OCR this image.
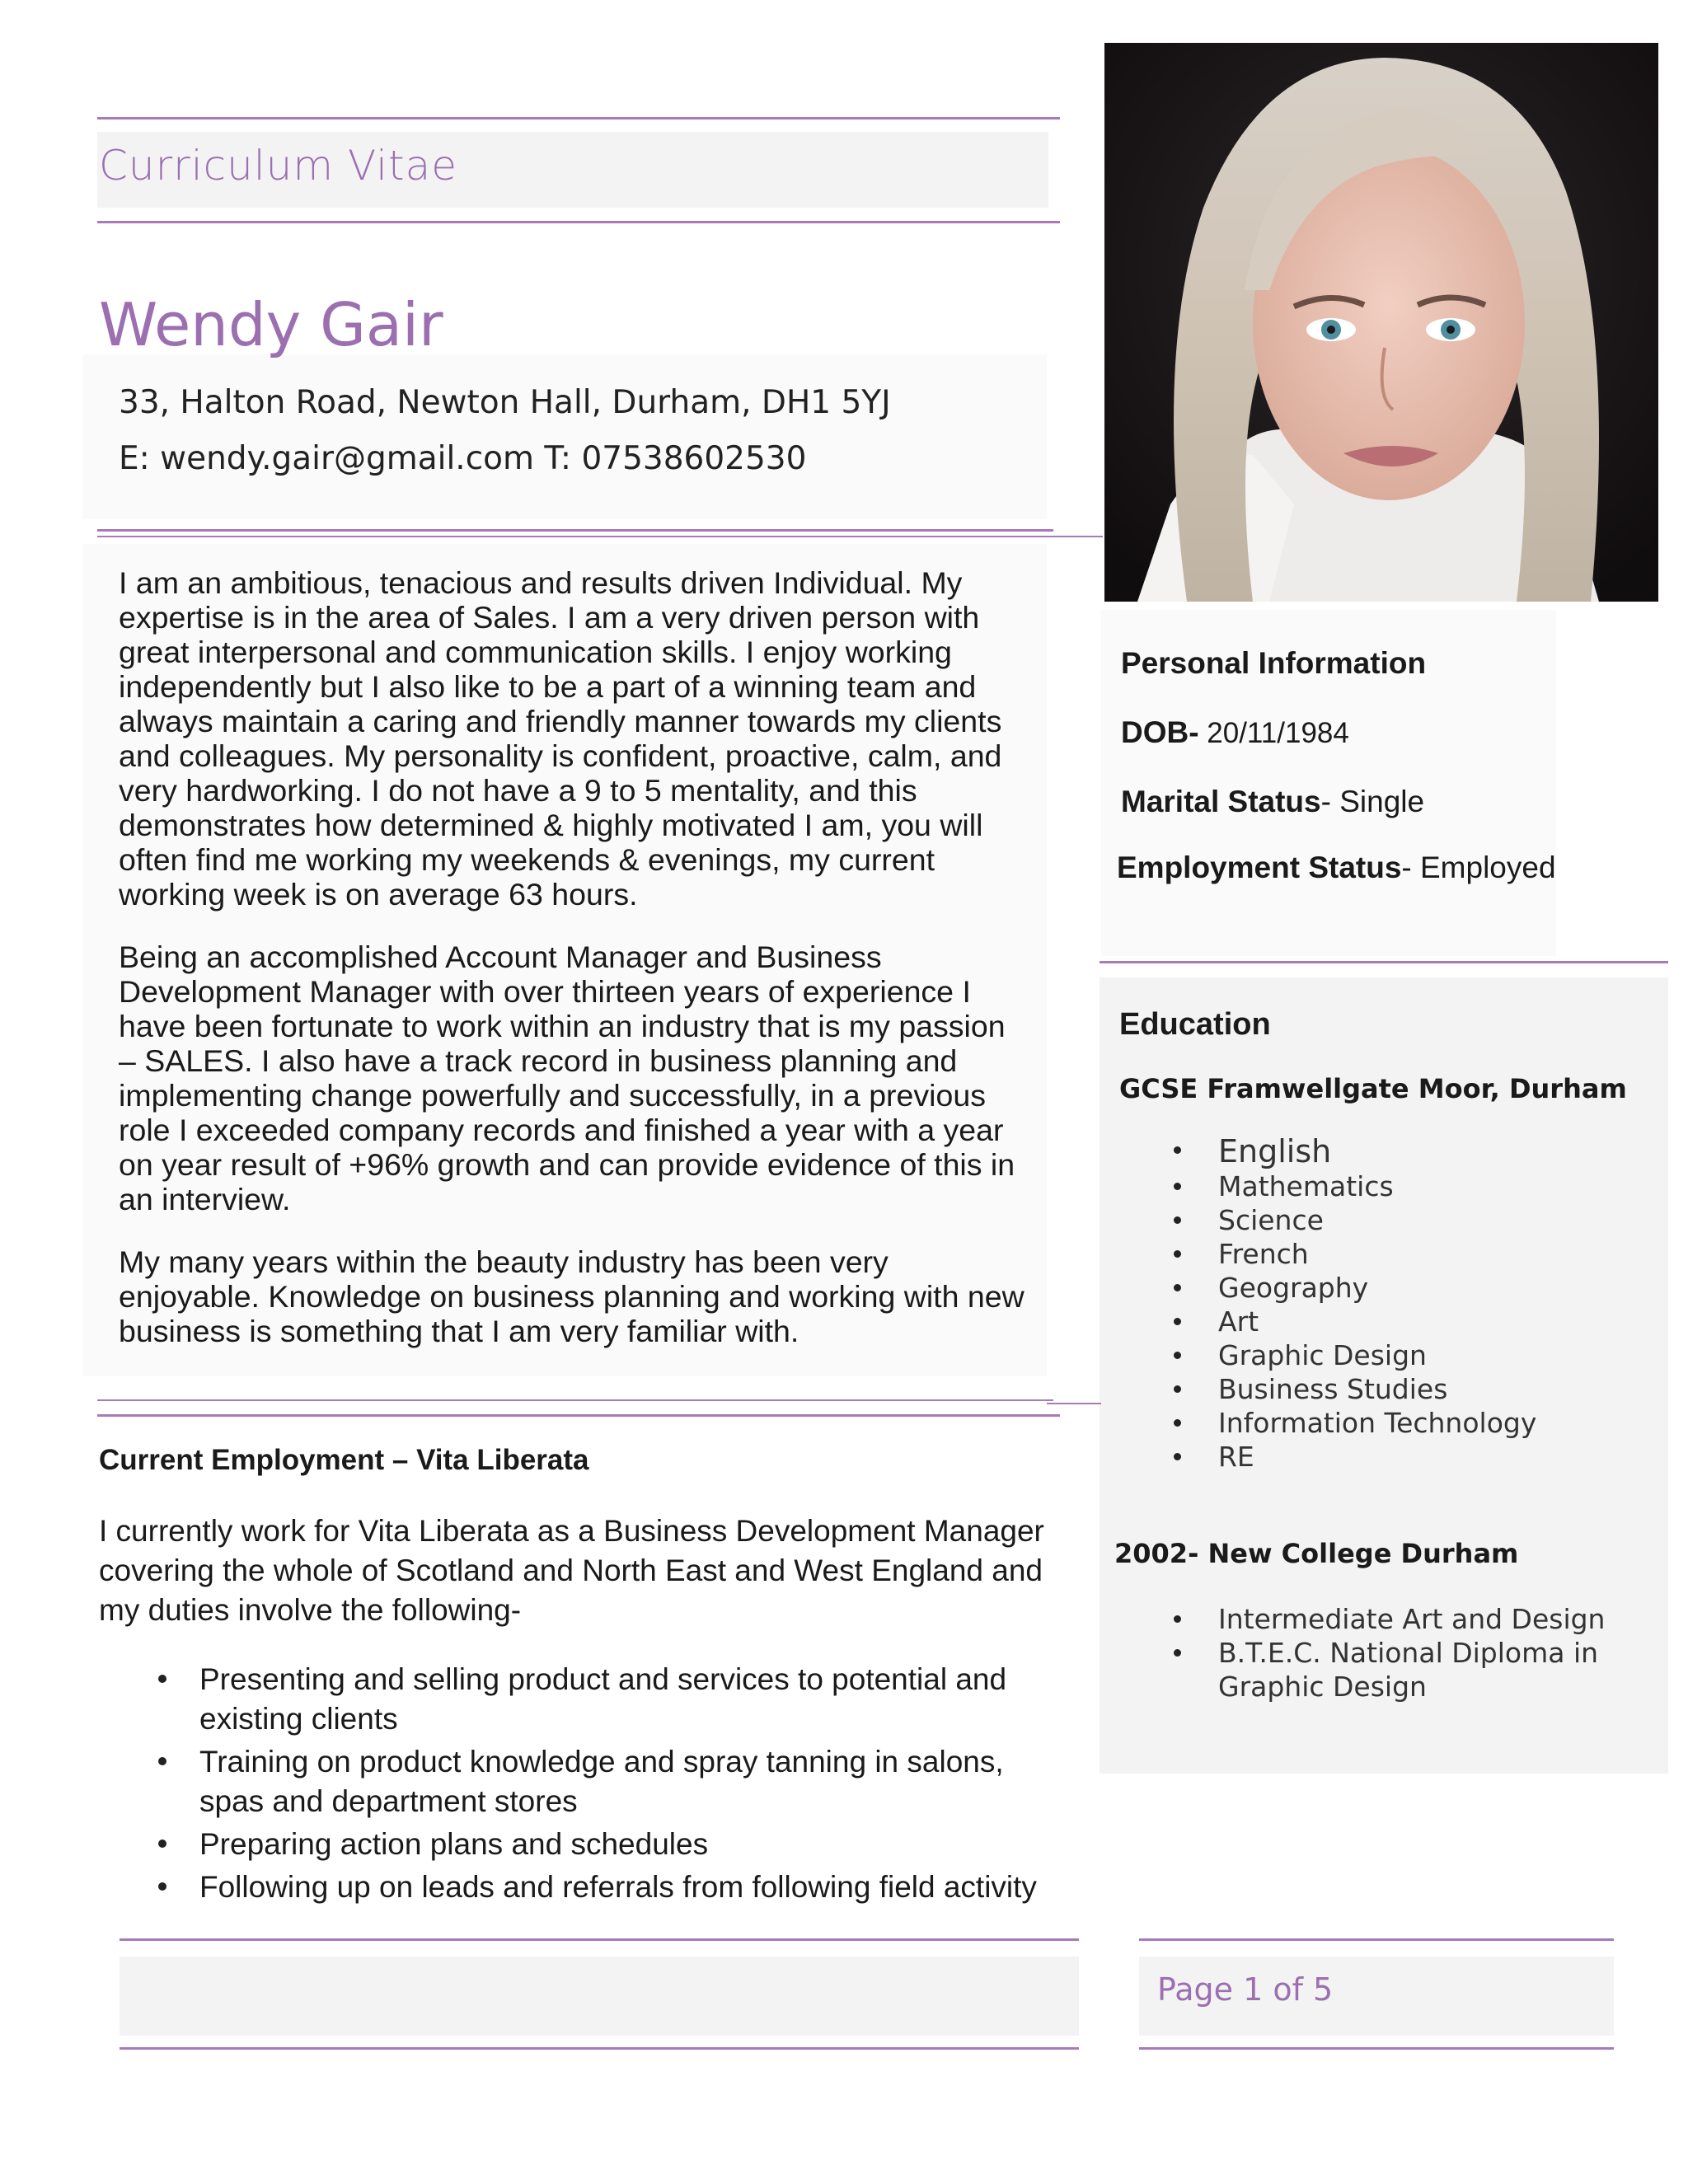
Curriculum Vitae
Wendy Gair
33, Halton Road, Newton Hall, Durham, DH1 5YJ
E: wendy.gair@gmail.com T: 07538602530

I am an ambitious, tenacious and results driven Individual. My expertise is in the area of Sales. I am a very driven person with great interpersonal and communication skills. I enjoy working independently but I also like to be a part of a winning team and always maintain a caring and friendly manner towards my clients and colleagues. My personality is confident, proactive, calm, and very hardworking. I do not have a 9 to 5 mentality, and this demonstrates how determined & highly motivated I am, you will often find me working my weekends & evenings, my current working week is on average 63 hours.

Being an accomplished Account Manager and Business Development Manager with over thirteen years of experience I have been fortunate to work within an industry that is my passion – SALES. I also have a track record in business planning and implementing change powerfully and successfully, in a previous role I exceeded company records and finished a year with a year on year result of +96% growth and can provide evidence of this in an interview.

My many years within the beauty industry has been very enjoyable. Knowledge on business planning and working with new business is something that I am very familiar with.

Personal Information
DOB- 20/11/1984
Marital Status- Single
Employment Status- Employed
Education
GCSE Framwellgate Moor, Durham
English
Mathematics
Science
French
Geography
Art
Graphic Design
Business Studies
Information Technology
RE
2002- New College Durham
Intermediate Art and Design
B.T.E.C. National Diploma in
Graphic Design
Current Employment – Vita Liberata
I currently work for Vita Liberata as a Business Development Manager covering the whole of Scotland and North East and West England and my duties involve the following-
Presenting and selling product and services to potential and existing clients
Training on product knowledge and spray tanning in salons, spas and department stores
Preparing action plans and schedules
Following up on leads and referrals from following field activity
Page 1 of 5
